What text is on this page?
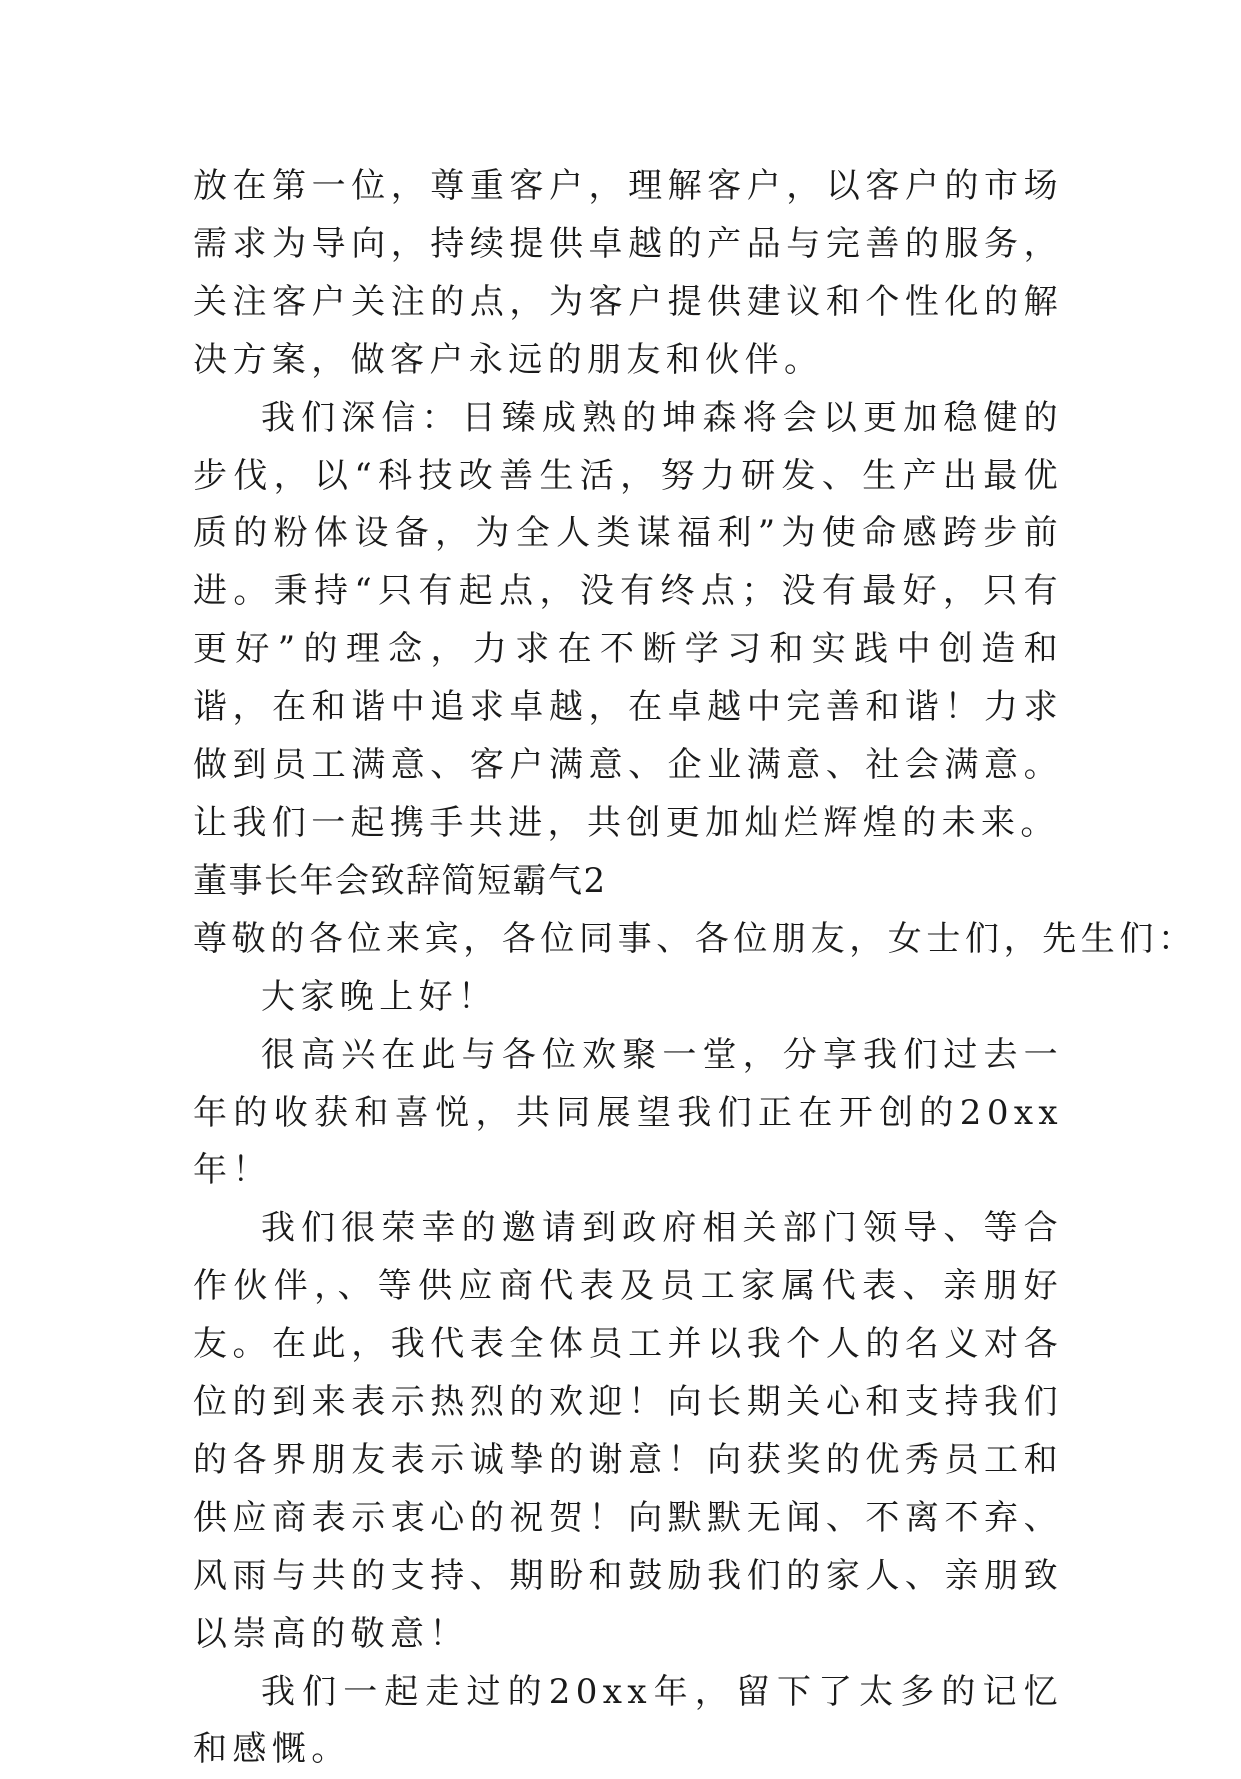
放在第一位，尊重客户，理解客户，以客户的市场需求为导向，持续提供卓越的产品与完善的服务，关注客户关注的点，为客户提供建议和个性化的解决方案，做客户永远的朋友和伙伴。

我们深信：日臻成熟的坤森将会以更加稳健的步伐，以“科技改善生活，努力研发、生产出最优质的粉体设备，为全人类谋福利”为使命感跨步前进。秉持“只有起点，没有终点；没有最好，只有更好”的理念，力求在不断学习和实践中创造和谐，在和谐中追求卓越，在卓越中完善和谐！力求做到员工满意、客户满意、企业满意、社会满意。让我们一起携手共进，共创更加灿烂辉煌的未来。

董事长年会致辞简短霸气2

尊敬的各位来宾，各位同事、各位朋友，女士们，先生们：

大家晚上好！

很高兴在此与各位欢聚一堂，分享我们过去一年的收获和喜悦，共同展望我们正在开创的20xx年！

我们很荣幸的邀请到政府相关部门领导、等合作伙伴，、等供应商代表及员工家属代表、亲朋好友。在此，我代表全体员工并以我个人的名义对各位的到来表示热烈的欢迎！向长期关心和支持我们的各界朋友表示诚挚的谢意！向获奖的优秀员工和供应商表示衷心的祝贺！向默默无闻、不离不弃、风雨与共的支持、期盼和鼓励我们的家人、亲朋致以崇高的敬意！

我们一起走过的20xx年，留下了太多的记忆和感慨。
